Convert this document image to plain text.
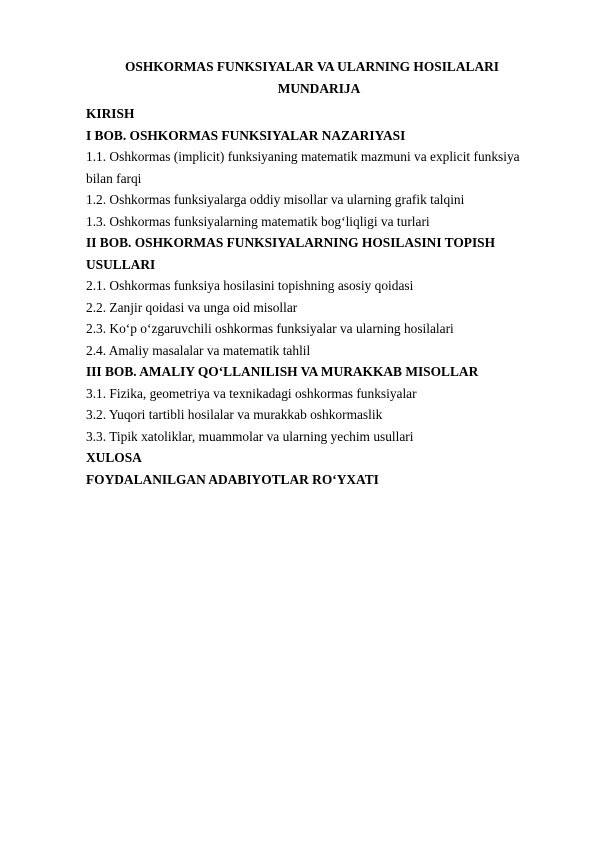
OSHKORMAS FUNKSIYALAR VA ULARNING HOSILALARI
MUNDARIJA
KIRISH
I BOB. OSHKORMAS FUNKSIYALAR NAZARIYASI
1.1. Oshkormas (implicit) funksiyaning matematik mazmuni va explicit funksiya
bilan farqi
1.2. Oshkormas funksiyalarga oddiy misollar va ularning grafik talqini
1.3. Oshkormas funksiyalarning matematik bog‘liqligi va turlari
II BOB. OSHKORMAS FUNKSIYALARNING HOSILASINI TOPISH
USULLARI
2.1. Oshkormas funksiya hosilasini topishning asosiy qoidasi
2.2. Zanjir qoidasi va unga oid misollar
2.3. Ko‘p o‘zgaruvchili oshkormas funksiyalar va ularning hosilalari
2.4. Amaliy masalalar va matematik tahlil
III BOB. AMALIY QO‘LLANILISH VA MURAKKAB MISOLLAR
3.1. Fizika, geometriya va texnikadagi oshkormas funksiyalar
3.2. Yuqori tartibli hosilalar va murakkab oshkormaslik
3.3. Tipik xatoliklar, muammolar va ularning yechim usullari
XULOSA
FOYDALANILGAN ADABIYOTLAR RO‘YXATI
